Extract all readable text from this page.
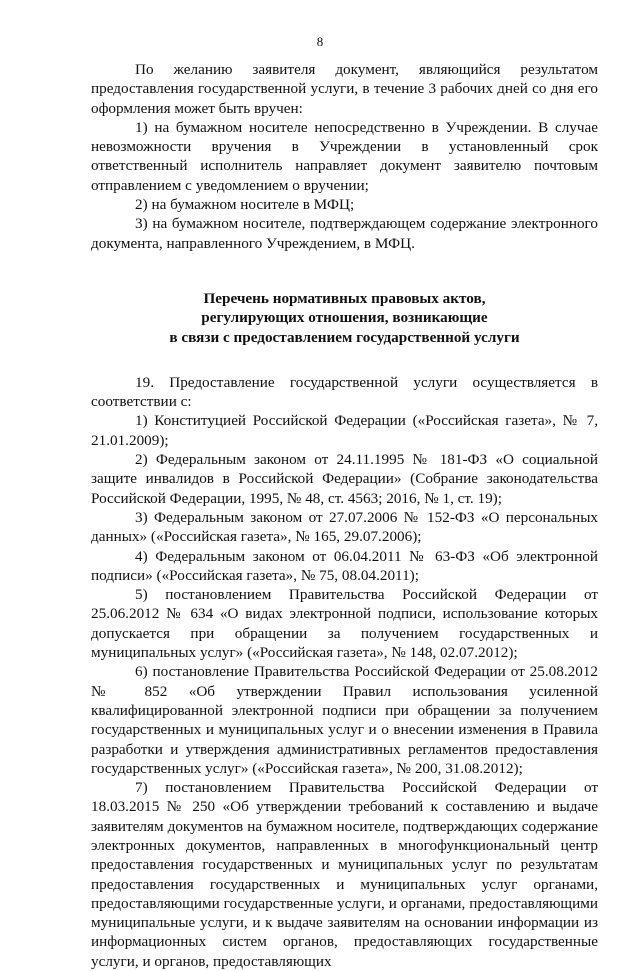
8

По желанию заявителя документ, являющийся результатом предоставления государственной услуги, в течение 3 рабочих дней со дня его оформления может быть вручен:

1) на бумажном носителе непосредственно в Учреждении. В случае невозможности вручения в Учреждении в установленный срок ответственный исполнитель направляет документ заявителю почтовым отправлением с уведомлением о вручении;

2) на бумажном носителе в МФЦ;

3) на бумажном носителе, подтверждающем содержание электронного документа, направленного Учреждением, в МФЦ.

Перечень нормативных правовых актов,
регулирующих отношения, возникающие
в связи с предоставлением государственной услуги

19. Предоставление государственной услуги осуществляется в соответствии с:

1) Конституцией Российской Федерации («Российская газета», № 7, 21.01.2009);

2) Федеральным законом от 24.11.1995 № 181-ФЗ «О социальной защите инвалидов в Российской Федерации» (Собрание законодательства Российской Федерации, 1995, № 48, ст. 4563; 2016, № 1, ст. 19);

3) Федеральным законом от 27.07.2006 № 152-ФЗ «О персональных данных» («Российская газета», № 165, 29.07.2006);

4) Федеральным законом от 06.04.2011 № 63-ФЗ «Об электронной подписи» («Российская газета», № 75, 08.04.2011);

5) постановлением Правительства Российской Федерации от 25.06.2012 № 634 «О видах электронной подписи, использование которых допускается при обращении за получением государственных и муниципальных услуг» («Российская газета», № 148, 02.07.2012);

6) постановление Правительства Российской Федерации от 25.08.2012 № 852 «Об утверждении Правил использования усиленной квалифицированной электронной подписи при обращении за получением государственных и муниципальных услуг и о внесении изменения в Правила разработки и утверждения административных регламентов предоставления государственных услуг» («Российская газета», № 200, 31.08.2012);

7) постановлением Правительства Российской Федерации от 18.03.2015 № 250 «Об утверждении требований к составлению и выдаче заявителям документов на бумажном носителе, подтверждающих содержание электронных документов, направленных в многофункциональный центр предоставления государственных и муниципальных услуг по результатам предоставления государственных и муниципальных услуг органами, предоставляющими государственные услуги, и органами, предоставляющими муниципальные услуги, и к выдаче заявителям на основании информации из информационных систем органов, предоставляющих государственные услуги, и органов, предоставляющих
